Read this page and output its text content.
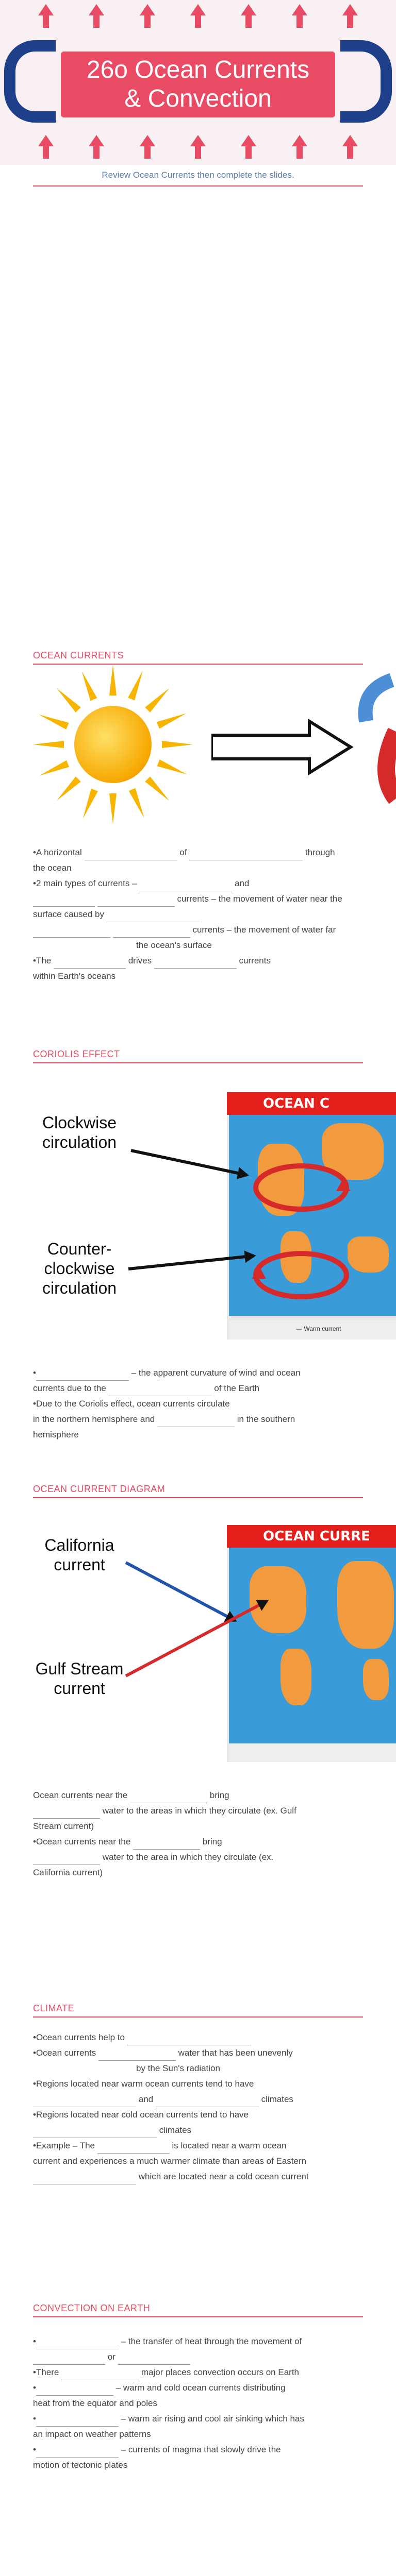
26o Ocean Currents
& Convection
Review Ocean Currents then complete the slides.
OCEAN CURRENTS
•A horizontal	of	through
the ocean
•2 main types of currents –	and
currents – the movement of water near the
surface caused by
currents – the movement of water far
the ocean's surface
•The	drives	currents
within Earth's oceans
CORIOLIS EFFECT
OCEAN C
— Warm current
Clockwise circulation
Counter-clockwise circulation
•	– the apparent curvature of wind and ocean
currents due to the	of the Earth
•Due to the Coriolis effect, ocean currents circulate
in the northern hemisphere and	in the southern
hemisphere
OCEAN CURRENT DIAGRAM
OCEAN CURRE
California current
Gulf Stream current
Ocean currents near the	bring
water to the areas in which they circulate (ex. Gulf
Stream current)
•Ocean currents near the	bring
water to the area in which they circulate (ex.
California current)
CLIMATE
•Ocean currents help to
•Ocean currents	water that has been unevenly
by the Sun's radiation
•Regions located near warm ocean currents tend to have
and	climates
•Regions located near cold ocean currents tend to have
climates
•Example – The	is located near a warm ocean
current and experiences a much warmer climate than areas of Eastern
which are located near a cold ocean current
CONVECTION ON EARTH
•	– the transfer of heat through the movement of
or
•There	major places convection occurs on Earth
•	– warm and cold ocean currents distributing
heat from the equator and poles
•	– warm air rising and cool air sinking which has
an impact on weather patterns
•	– currents of magma that slowly drive the
motion of tectonic plates
